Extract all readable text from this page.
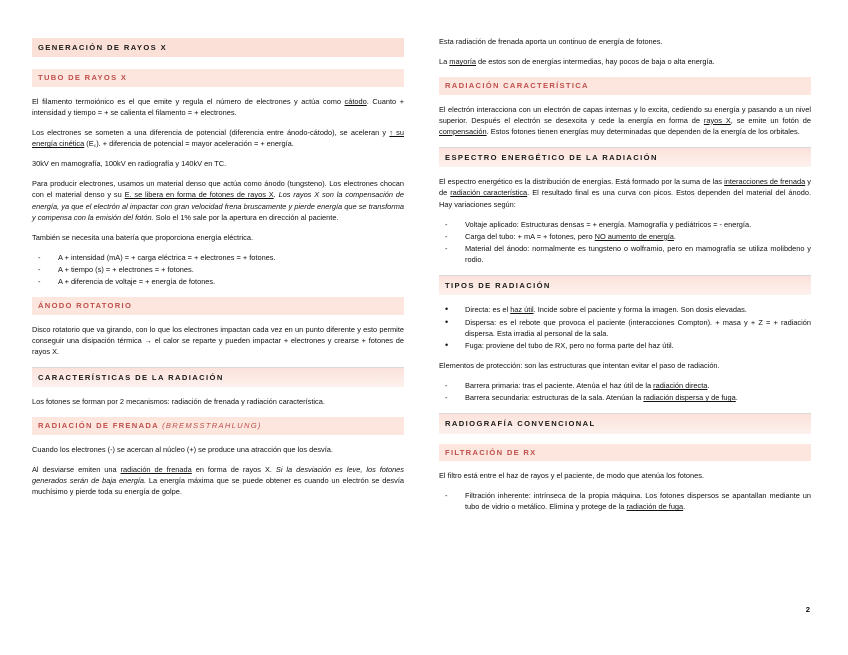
GENERACIÓN DE RAYOS X
TUBO DE RAYOS X

El filamento termoiónico es el que emite y regula el número de electrones y actúa como cátodo. Cuanto + intensidad y tiempo = + se calienta el filamento = + electrones.

Los electrones se someten a una diferencia de potencial (diferencia entre ánodo-cátodo), se aceleran y ↑ su energía cinética (E꜀). + diferencia de potencial = mayor aceleración = + energía.

30kV en mamografía, 100kV en radiografía y 140kV en TC.

Para producir electrones, usamos un material denso que actúa como ánodo (tungsteno). Los electrones chocan con el material denso y su E. se libera en forma de fotones de rayos X. Los rayos X son la compensación de energía, ya que el electrón al impactar con gran velocidad frena bruscamente y pierde energía que se transforma y compensa con la emisión del fotón. Solo el 1% sale por la apertura en dirección al paciente.

También se necesita una batería que proporciona energía eléctrica.

- A + intensidad (mA) = + carga eléctrica = + electrones = + fotones.
- A + tiempo (s) = + electrones = + fotones.
- A + diferencia de voltaje = + energía de fotones.
ÁNODO ROTATORIO

Disco rotatorio que va girando, con lo que los electrones impactan cada vez en un punto diferente y esto permite conseguir una disipación térmica → el calor se reparte y pueden impactar + electrones y crearse + fotones de rayos X.

CARACTERÍSTICAS DE LA RADIACIÓN

Los fotones se forman por 2 mecanismos: radiación de frenada y radiación característica.

RADIACIÓN DE FRENADA (BREMSSTRAHLUNG)

Cuando los electrones (-) se acercan al núcleo (+) se produce una atracción que los desvía.

Al desviarse emiten una radiación de frenada en forma de rayos X. Si la desviación es leve, los fotones generados serán de baja energía. La energía máxima que se puede obtener es cuando un electrón se desvía muchísimo y pierde toda su energía de golpe.

Esta radiación de frenada aporta un continuo de energía de fotones.

La mayoría de estos son de energías intermedias, hay pocos de baja o alta energía.

RADIACIÓN CARACTERÍSTICA

El electrón interacciona con un electrón de capas internas y lo excita, cediendo su energía y pasando a un nivel superior. Después el electrón se desexcita y cede la energía en forma de rayos X, se emite un fotón de compensación. Estos fotones tienen energías muy determinadas que dependen de la energía de los orbitales.

ESPECTRO ENERGÉTICO DE LA RADIACIÓN

El espectro energético es la distribución de energías. Está formado por la suma de las interacciones de frenada y de radiación característica. El resultado final es una curva con picos. Estos dependen del material del ánodo. Hay variaciones según:

- Voltaje aplicado: Estructuras densas = + energía. Mamografía y pediátricos = - energía.
- Carga del tubo: + mA = + fotones, pero NO aumento de energía.
- Material del ánodo: normalmente es tungsteno o wolframio, pero en mamografía se utiliza molibdeno y rodio.
TIPOS DE RADIACIÓN
• Directa: es el haz útil. Incide sobre el paciente y forma la imagen. Son dosis elevadas.
• Dispersa: es el rebote que provoca el paciente (interacciones Compton). + masa y + Z = + radiación dispersa. Esta irradia al personal de la sala.
• Fuga: proviene del tubo de RX, pero no forma parte del haz útil.

Elementos de protección: son las estructuras que intentan evitar el paso de radiación.

- Barrera primaria: tras el paciente. Atenúa el haz útil de la radiación directa.
- Barrera secundaria: estructuras de la sala. Atenúan la radiación dispersa y de fuga.
RADIOGRAFÍA CONVENCIONAL
FILTRACIÓN DE RX

El filtro está entre el haz de rayos y el paciente, de modo que atenúa los fotones.

- Filtración inherente: intrínseca de la propia máquina. Los fotones dispersos se apantallan mediante un tubo de vidrio o metálico. Elimina y protege de la radiación de fuga.
2
